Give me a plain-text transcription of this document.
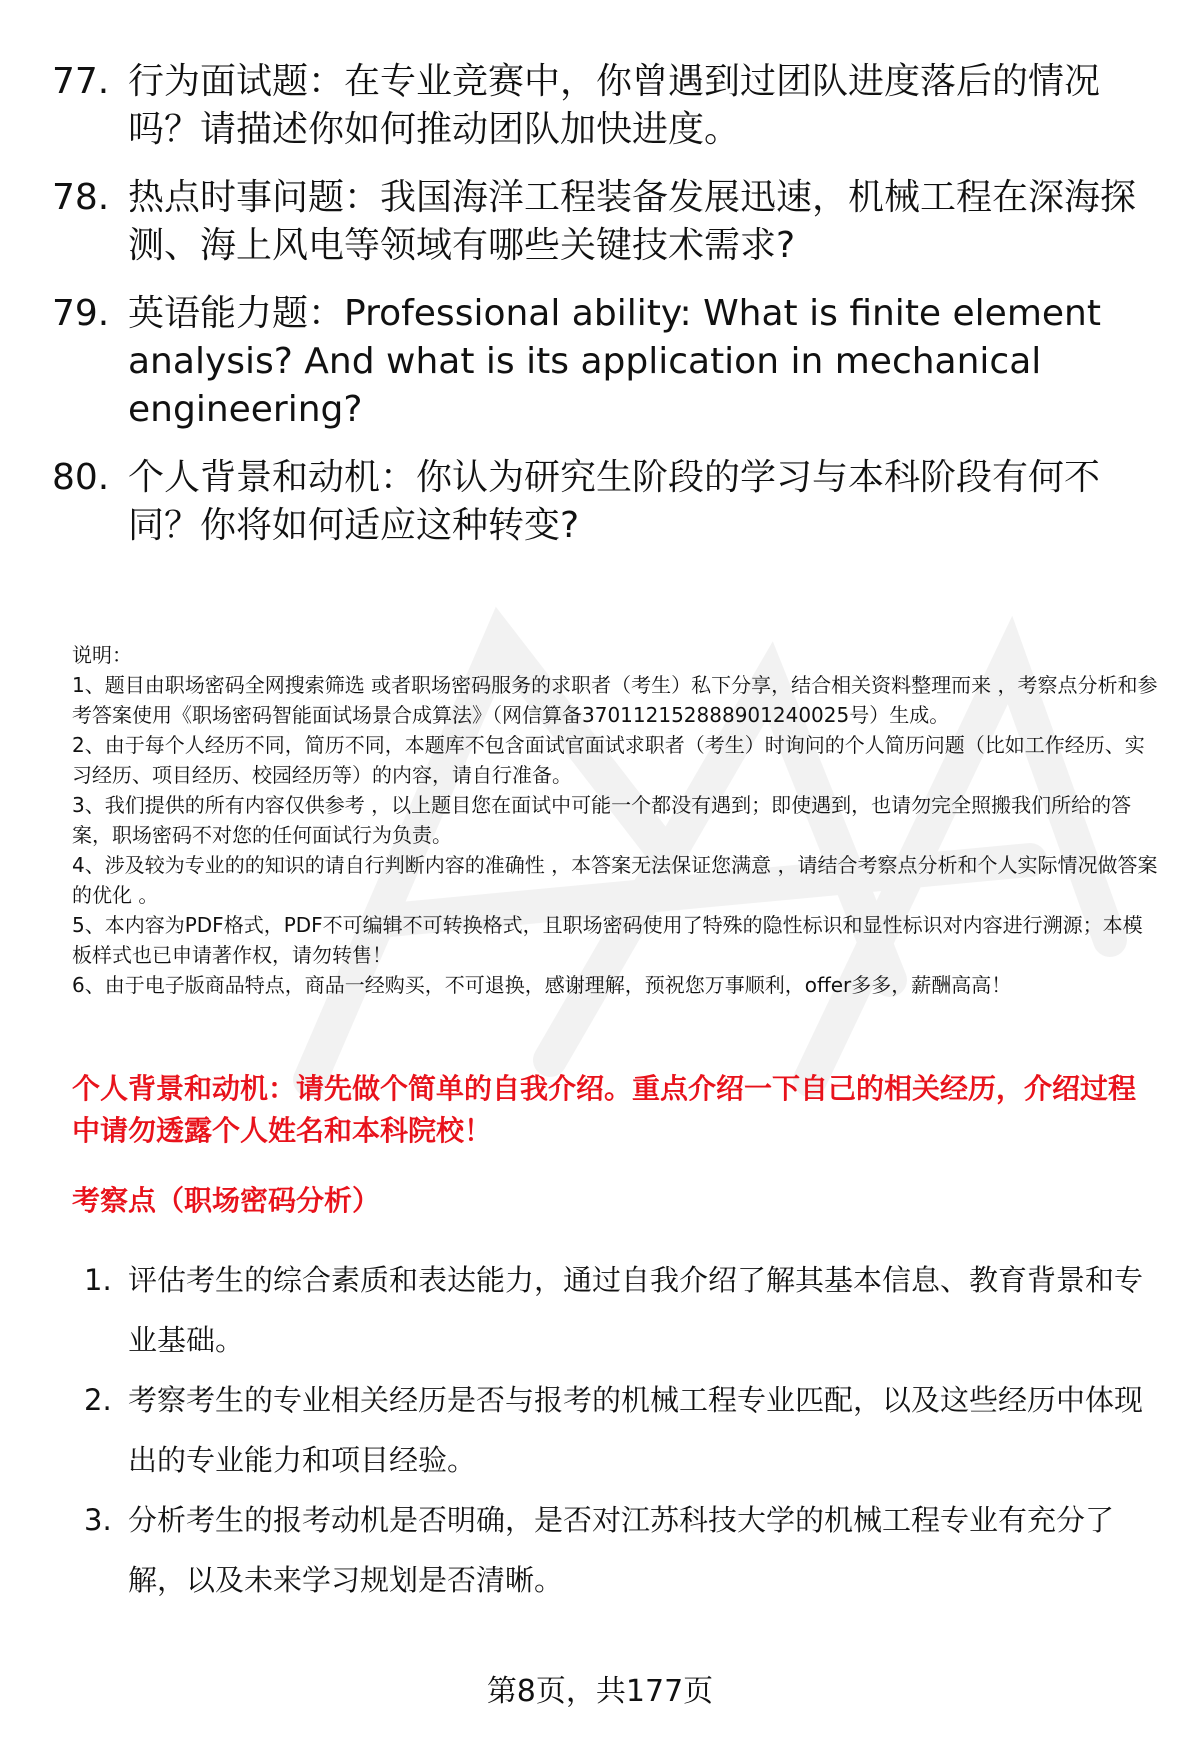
77. 行为面试题：在专业竞赛中，你曾遇到过团队进度落后的情况吗？请描述你如何推动团队加快进度。
78. 热点时事问题：我国海洋工程装备发展迅速，机械工程在深海探测、海上风电等领域有哪些关键技术需求?
79. 英语能力题：Professional ability: What is finite element analysis? And what is its application in mechanical engineering?
80. 个人背景和动机：你认为研究生阶段的学习与本科阶段有何不同？你将如何适应这种转变?

说明：

1、题目由职场密码全网搜索筛选 或者职场密码服务的求职者（考生）私下分享，结合相关资料整理而来 ，考察点分析和参考答案使用《职场密码智能面试场景合成算法》（网信算备370112152888901240025号）生成。

2、由于每个人经历不同，简历不同，本题库不包含面试官面试求职者（考生）时询问的个人简历问题（比如工作经历、实习经历、项目经历、校园经历等）的内容，请自行准备。

3、我们提供的所有内容仅供参考 ，以上题目您在面试中可能一个都没有遇到；即使遇到，也请勿完全照搬我们所给的答案，职场密码不对您的任何面试行为负责。

4、涉及较为专业的的知识的请自行判断内容的准确性 ，本答案无法保证您满意 ，请结合考察点分析和个人实际情况做答案的优化 。

5、本内容为PDF格式，PDF不可编辑不可转换格式，且职场密码使用了特殊的隐性标识和显性标识对内容进行溯源；本模板样式也已申请著作权，请勿转售！

6、由于电子版商品特点，商品一经购买，不可退换，感谢理解，预祝您万事顺利，offer多多，薪酬高高！

个人背景和动机：请先做个简单的自我介绍。重点介绍一下自己的相关经历，介绍过程中请勿透露个人姓名和本科院校！
考察点（职场密码分析）
1. 评估考生的综合素质和表达能力，通过自我介绍了解其基本信息、教育背景和专业基础。
2. 考察考生的专业相关经历是否与报考的机械工程专业匹配，以及这些经历中体现出的专业能力和项目经验。
3. 分析考生的报考动机是否明确，是否对江苏科技大学的机械工程专业有充分了解，以及未来学习规划是否清晰。
第8页，共177页
